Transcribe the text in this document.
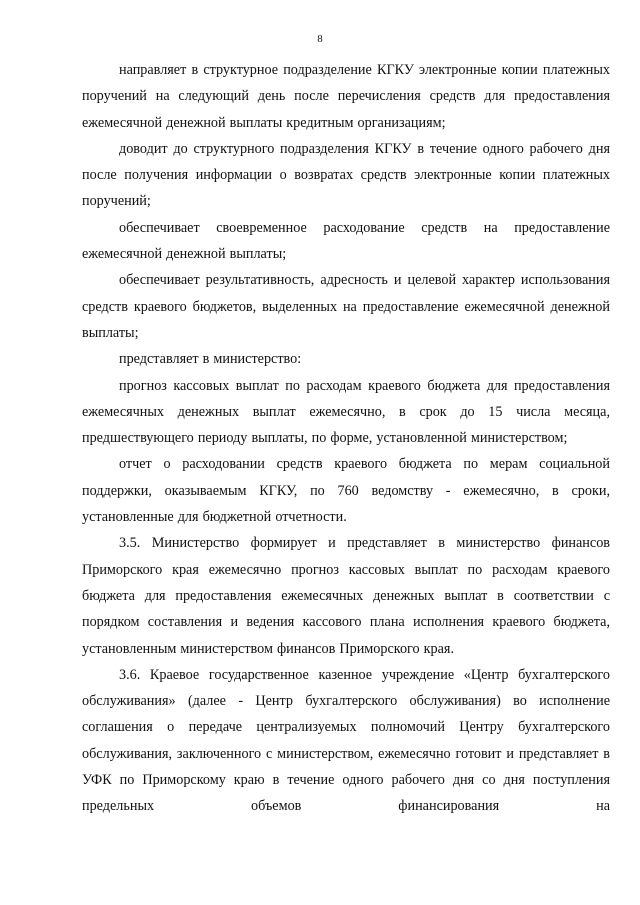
8

направляет в структурное подразделение КГКУ электронные копии платежных поручений на следующий день после перечисления средств для предоставления ежемесячной денежной выплаты кредитным организациям;

доводит до структурного подразделения КГКУ в течение одного рабочего дня после получения информации о возвратах средств электронные копии платежных поручений;

обеспечивает своевременное расходование средств на предоставление ежемесячной денежной выплаты;

обеспечивает результативность, адресность и целевой характер использования средств краевого бюджетов, выделенных на предоставление ежемесячной денежной выплаты;

представляет в министерство:

прогноз кассовых выплат по расходам краевого бюджета для предоставления ежемесячных денежных выплат ежемесячно, в срок до 15 числа месяца, предшествующего периоду выплаты, по форме, установленной министерством;

отчет о расходовании средств краевого бюджета по мерам социальной поддержки, оказываемым КГКУ, по 760 ведомству - ежемесячно, в сроки, установленные для бюджетной отчетности.

3.5. Министерство формирует и представляет в министерство финансов Приморского края ежемесячно прогноз кассовых выплат по расходам краевого бюджета для предоставления ежемесячных денежных выплат в соответствии с порядком составления и ведения кассового плана исполнения краевого бюджета, установленным министерством финансов Приморского края.

3.6. Краевое государственное казенное учреждение «Центр бухгалтерского обслуживания» (далее - Центр бухгалтерского обслуживания) во исполнение соглашения о передаче централизуемых полномочий Центру бухгалтерского обслуживания, заключенного с министерством, ежемесячно готовит и представляет в УФК по Приморскому краю в течение одного рабочего дня со дня поступления предельных объемов финансирования на
